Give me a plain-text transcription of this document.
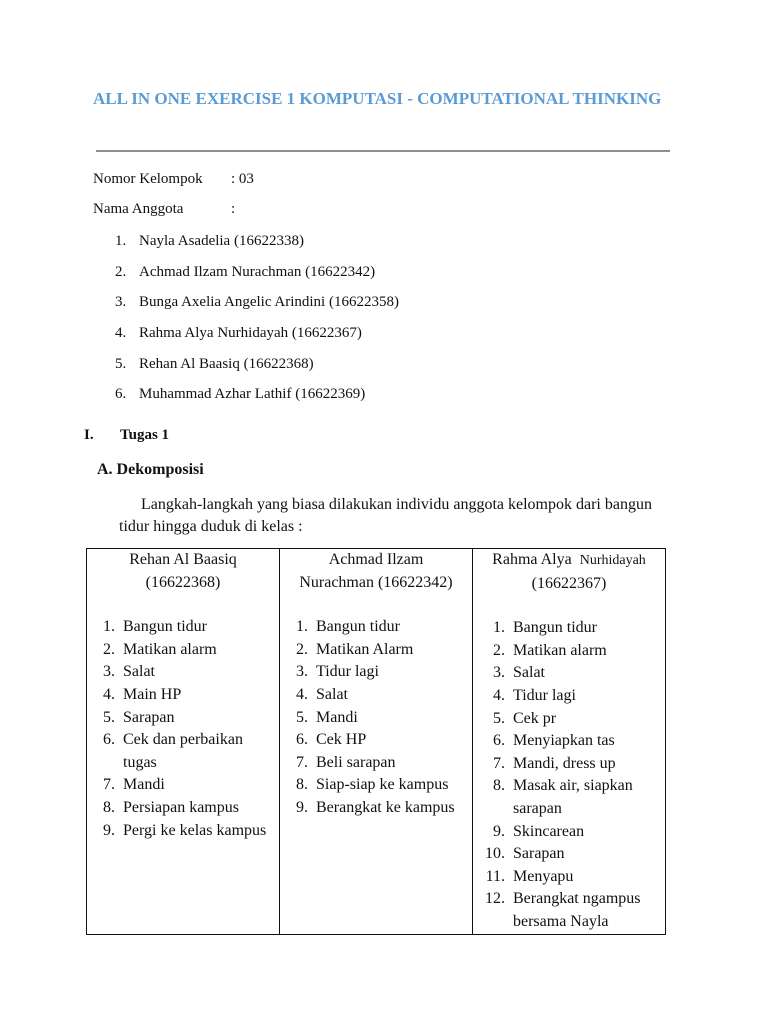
ALL IN ONE EXERCISE 1 KOMPUTASI - COMPUTATIONAL THINKING
Nomor Kelompok : 03
Nama Anggota	:
1. Nayla Asadelia (16622338)
2. Achmad Ilzam Nurachman (16622342)
3. Bunga Axelia Angelic Arindini (16622358)
4. Rahma Alya Nurhidayah (16622367)
5. Rehan Al Baasiq (16622368)
6. Muhammad Azhar Lathif (16622369)
I. Tugas 1
A. Dekomposisi

Langkah-langkah yang biasa dilakukan individu anggota kelompok dari bangun tidur hingga duduk di kelas :

Rehan Al Baasiq
(16622368)
1. Bangun tidur
2. Matikan alarm
3. Salat
4. Main HP
5. Sarapan
6. Cek dan perbaikan tugas
7. Mandi
8. Persiapan kampus
9. Pergi ke kelas kampus

Achmad Ilzam
Nurachman (16622342)
1. Bangun tidur
2. Matikan Alarm
3. Tidur lagi
4. Salat
5. Mandi
6. Cek HP
7. Beli sarapan
8. Siap-siap ke kampus
9. Berangkat ke kampus

Rahma Alya Nurhidayah
(16622367)
1. Bangun tidur
2. Matikan alarm
3. Salat
4. Tidur lagi
5. Cek pr
6. Menyiapkan tas
7. Mandi, dress up
8. Masak air, siapkan sarapan
9. Skincarean
10. Sarapan
11. Menyapu
12. Berangkat ngampus bersama Nayla
